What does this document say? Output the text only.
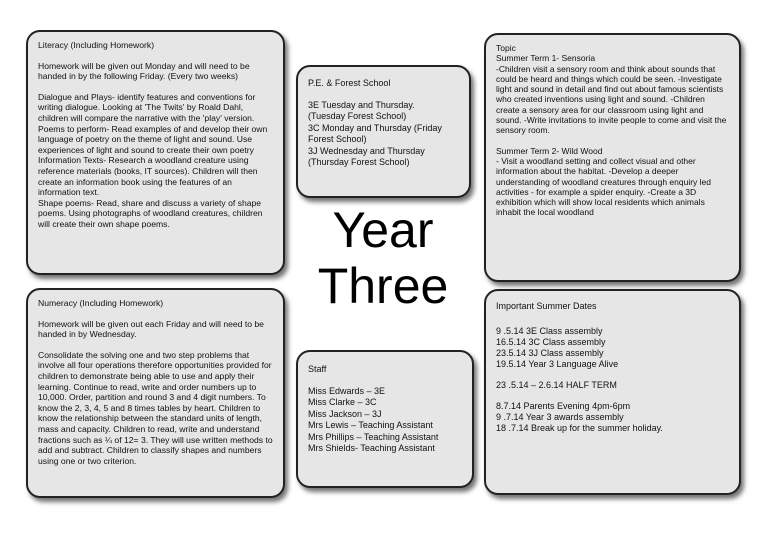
Literacy (Including Homework)

Homework will be given out Monday and will need to be handed in by the following Friday. (Every two weeks)

Dialogue and Plays- identify features and conventions for writing dialogue. Looking at 'The Twits' by Roald Dahl, children will compare the narrative with the 'play' version. Poems to perform- Read examples of and develop their own language of poetry on the theme of light and sound. Use experiences of light and sound to create their own poetry

Information Texts- Research a woodland creature using reference materials (books, IT sources). Children will then create an information book using the features of an information text.

Shape poems- Read, share and discuss a variety of shape poems. Using photographs of woodland creatures, children will create their own shape poems.

Numeracy (Including Homework)

Homework will be given out each Friday and will need to be handed in by Wednesday.

Consolidate the solving one and two step problems that involve all four operations therefore opportunities provided for children to demonstrate being able to use and apply their learning. Continue to read, write and order numbers up to 10,000. Order, partition and round 3 and 4 digit numbers. To know the 2, 3, 4, 5 and 8 times tables by heart. Children to know the relationship between the standard units of length, mass and capacity. Children to read, write and understand fractions such as ¼ of 12= 3. They will use written methods to add and subtract. Children to classify shapes and numbers using one or two criterion.

P.E. & Forest School

3E Tuesday and Thursday.
(Tuesday Forest School)
3C Monday and Thursday (Friday Forest School)
3J Wednesday and Thursday (Thursday Forest School)
Year
Three

Staff

Miss Edwards – 3E
Miss Clarke – 3C
Miss Jackson – 3J
Mrs Lewis – Teaching Assistant
Mrs Phillips – Teaching Assistant
Mrs Shields- Teaching Assistant
Topic
Summer Term 1- Sensoria

-Children visit a sensory room and think about sounds that could be heard and things which could be seen. -Investigate light and sound in detail and find out about famous scientists who created inventions using light and sound. -Children create a sensory area for our classroom using light and sound. -Write invitations to invite people to come and visit the sensory room.

Summer Term 2- Wild Wood

- Visit a woodland setting and collect visual and other information about the habitat. -Develop a deeper understanding of woodland creatures through enquiry led activities - for example a spider enquiry. -Create a 3D exhibition which will show local residents which animals inhabit the local woodland

Important Summer Dates

9 .5.14 3E Class assembly
16.5.14 3C Class assembly
23.5.14 3J Class assembly
19.5.14 Year 3 Language Alive
23 .5.14 – 2.6.14 HALF TERM
8.7.14 Parents Evening 4pm-6pm
9 .7.14 Year 3 awards assembly
18 .7.14 Break up for the summer holiday.
